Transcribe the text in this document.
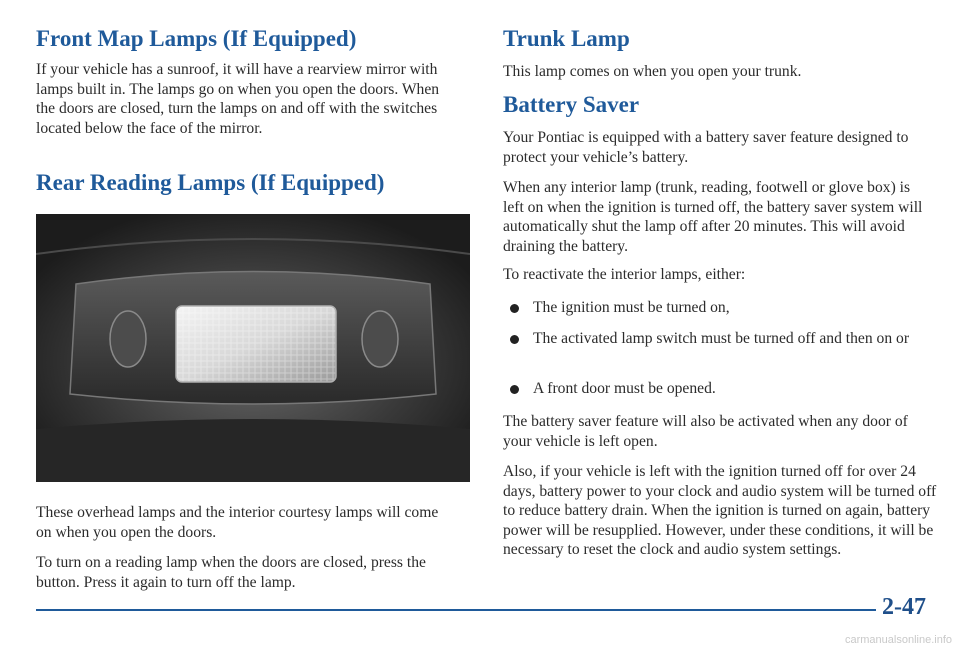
Front Map Lamps (If Equipped)

If your vehicle has a sunroof, it will have a rearview mirror with lamps built in. The lamps go on when you open the doors. When the doors are closed, turn the lamps on and off with the switches located below the face of the mirror.

Rear Reading Lamps (If Equipped)

These overhead lamps and the interior courtesy lamps will come on when you open the doors.

To turn on a reading lamp when the doors are closed, press the button. Press it again to turn off the lamp.

Trunk Lamp

This lamp comes on when you open your trunk.

Battery Saver

Your Pontiac is equipped with a battery saver feature designed to protect your vehicle’s battery.

When any interior lamp (trunk, reading, footwell or glove box) is left on when the ignition is turned off, the battery saver system will automatically shut the lamp off after 20 minutes. This will avoid draining the battery.

To reactivate the interior lamps, either:

The ignition must be turned on,
The activated lamp switch must be turned off and then on or
A front door must be opened.

The battery saver feature will also be activated when any door of your vehicle is left open.

Also, if your vehicle is left with the ignition turned off for over 24 days, battery power to your clock and audio system will be turned off to reduce battery drain. When the ignition is turned on again, battery power will be resupplied. However, under these conditions, it will be necessary to reset the clock and audio system settings.

2-47
carmanualsonline.info
